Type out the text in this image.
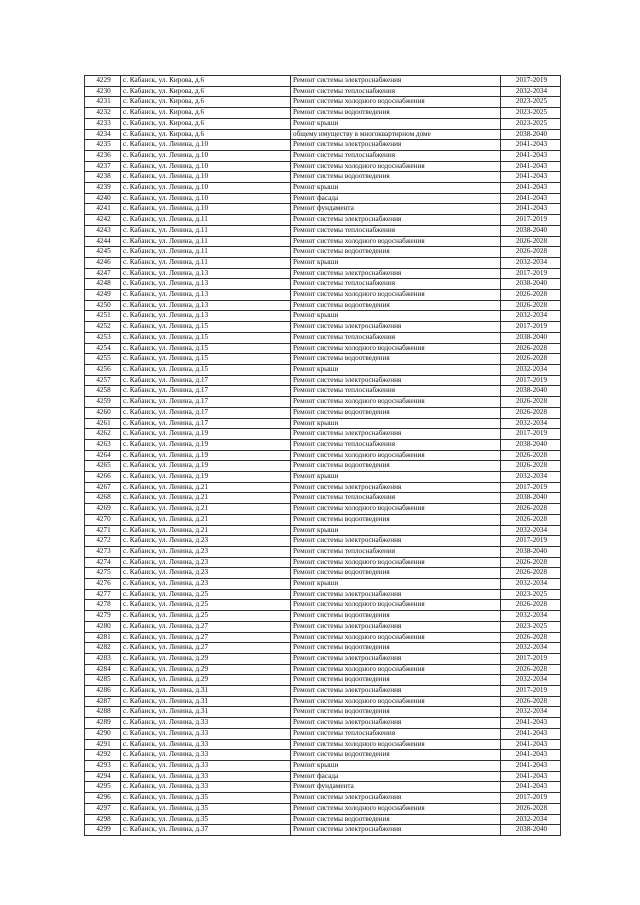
4229	с. Кабанск, ул. Кирова, д.6	Ремонт системы электроснабжения	2017-2019
4230	с. Кабанск, ул. Кирова, д.6	Ремонт системы теплоснабжения	2032-2034
4231	с. Кабанск, ул. Кирова, д.6	Ремонт системы холодного водоснабжения	2023-2025
4232	с. Кабанск, ул. Кирова, д.6	Ремонт системы водоотведения	2023-2025
4233	с. Кабанск, ул. Кирова, д.6	Ремонт крыши	2023-2025
4234	с. Кабанск, ул. Кирова, д.6	общему имуществу в многоквартирном доме	2038-2040
4235	с. Кабанск, ул. Ленина, д.10	Ремонт системы электроснабжения	2041-2043
4236	с. Кабанск, ул. Ленина, д.10	Ремонт системы теплоснабжения	2041-2043
4237	с. Кабанск, ул. Ленина, д.10	Ремонт системы холодного водоснабжения	2041-2043
4238	с. Кабанск, ул. Ленина, д.10	Ремонт системы водоотведения	2041-2043
4239	с. Кабанск, ул. Ленина, д.10	Ремонт крыши	2041-2043
4240	с. Кабанск, ул. Ленина, д.10	Ремонт фасада	2041-2043
4241	с. Кабанск, ул. Ленина, д.10	Ремонт фундамента	2041-2043
4242	с. Кабанск, ул. Ленина, д.11	Ремонт системы электроснабжения	2017-2019
4243	с. Кабанск, ул. Ленина, д.11	Ремонт системы теплоснабжения	2038-2040
4244	с. Кабанск, ул. Ленина, д.11	Ремонт системы холодного водоснабжения	2026-2028
4245	с. Кабанск, ул. Ленина, д.11	Ремонт системы водоотведения	2026-2028
4246	с. Кабанск, ул. Ленина, д.11	Ремонт крыши	2032-2034
4247	с. Кабанск, ул. Ленина, д.13	Ремонт системы электроснабжения	2017-2019
4248	с. Кабанск, ул. Ленина, д.13	Ремонт системы теплоснабжения	2038-2040
4249	с. Кабанск, ул. Ленина, д.13	Ремонт системы холодного водоснабжения	2026-2028
4250	с. Кабанск, ул. Ленина, д.13	Ремонт системы водоотведения	2026-2028
4251	с. Кабанск, ул. Ленина, д.13	Ремонт крыши	2032-2034
4252	с. Кабанск, ул. Ленина, д.15	Ремонт системы электроснабжения	2017-2019
4253	с. Кабанск, ул. Ленина, д.15	Ремонт системы теплоснабжения	2038-2040
4254	с. Кабанск, ул. Ленина, д.15	Ремонт системы холодного водоснабжения	2026-2028
4255	с. Кабанск, ул. Ленина, д.15	Ремонт системы водоотведения	2026-2028
4256	с. Кабанск, ул. Ленина, д.15	Ремонт крыши	2032-2034
4257	с. Кабанск, ул. Ленина, д.17	Ремонт системы электроснабжения	2017-2019
4258	с. Кабанск, ул. Ленина, д.17	Ремонт системы теплоснабжения	2038-2040
4259	с. Кабанск, ул. Ленина, д.17	Ремонт системы холодного водоснабжения	2026-2028
4260	с. Кабанск, ул. Ленина, д.17	Ремонт системы водоотведения	2026-2028
4261	с. Кабанск, ул. Ленина, д.17	Ремонт крыши	2032-2034
4262	с. Кабанск, ул. Ленина, д.19	Ремонт системы электроснабжения	2017-2019
4263	с. Кабанск, ул. Ленина, д.19	Ремонт системы теплоснабжения	2038-2040
4264	с. Кабанск, ул. Ленина, д.19	Ремонт системы холодного водоснабжения	2026-2028
4265	с. Кабанск, ул. Ленина, д.19	Ремонт системы водоотведения	2026-2028
4266	с. Кабанск, ул. Ленина, д.19	Ремонт крыши	2032-2034
4267	с. Кабанск, ул. Ленина, д.21	Ремонт системы электроснабжения	2017-2019
4268	с. Кабанск, ул. Ленина, д.21	Ремонт системы теплоснабжения	2038-2040
4269	с. Кабанск, ул. Ленина, д.21	Ремонт системы холодного водоснабжения	2026-2028
4270	с. Кабанск, ул. Ленина, д.21	Ремонт системы водоотведения	2026-2028
4271	с. Кабанск, ул. Ленина, д.21	Ремонт крыши	2032-2034
4272	с. Кабанск, ул. Ленина, д.23	Ремонт системы электроснабжения	2017-2019
4273	с. Кабанск, ул. Ленина, д.23	Ремонт системы теплоснабжения	2038-2040
4274	с. Кабанск, ул. Ленина, д.23	Ремонт системы холодного водоснабжения	2026-2028
4275	с. Кабанск, ул. Ленина, д.23	Ремонт системы водоотведения	2026-2028
4276	с. Кабанск, ул. Ленина, д.23	Ремонт крыши	2032-2034
4277	с. Кабанск, ул. Ленина, д.25	Ремонт системы электроснабжения	2023-2025
4278	с. Кабанск, ул. Ленина, д.25	Ремонт системы холодного водоснабжения	2026-2028
4279	с. Кабанск, ул. Ленина, д.25	Ремонт системы водоотведения	2032-2034
4280	с. Кабанск, ул. Ленина, д.27	Ремонт системы электроснабжения	2023-2025
4281	с. Кабанск, ул. Ленина, д.27	Ремонт системы холодного водоснабжения	2026-2028
4282	с. Кабанск, ул. Ленина, д.27	Ремонт системы водоотведения	2032-2034
4283	с. Кабанск, ул. Ленина, д.29	Ремонт системы электроснабжения	2017-2019
4284	с. Кабанск, ул. Ленина, д.29	Ремонт системы холодного водоснабжения	2026-2028
4285	с. Кабанск, ул. Ленина, д.29	Ремонт системы водоотведения	2032-2034
4286	с. Кабанск, ул. Ленина, д.31	Ремонт системы электроснабжения	2017-2019
4287	с. Кабанск, ул. Ленина, д.31	Ремонт системы холодного водоснабжения	2026-2028
4288	с. Кабанск, ул. Ленина, д.31	Ремонт системы водоотведения	2032-2034
4289	с. Кабанск, ул. Ленина, д.33	Ремонт системы электроснабжения	2041-2043
4290	с. Кабанск, ул. Ленина, д.33	Ремонт системы теплоснабжения	2041-2043
4291	с. Кабанск, ул. Ленина, д.33	Ремонт системы холодного водоснабжения	2041-2043
4292	с. Кабанск, ул. Ленина, д.33	Ремонт системы водоотведения	2041-2043
4293	с. Кабанск, ул. Ленина, д.33	Ремонт крыши	2041-2043
4294	с. Кабанск, ул. Ленина, д.33	Ремонт фасада	2041-2043
4295	с. Кабанск, ул. Ленина, д.33	Ремонт фундамента	2041-2043
4296	с. Кабанск, ул. Ленина, д.35	Ремонт системы электроснабжения	2017-2019
4297	с. Кабанск, ул. Ленина, д.35	Ремонт системы холодного водоснабжения	2026-2028
4298	с. Кабанск, ул. Ленина, д.35	Ремонт системы водоотведения	2032-2034
4299	с. Кабанск, ул. Ленина, д.37	Ремонт системы электроснабжения	2038-2040
